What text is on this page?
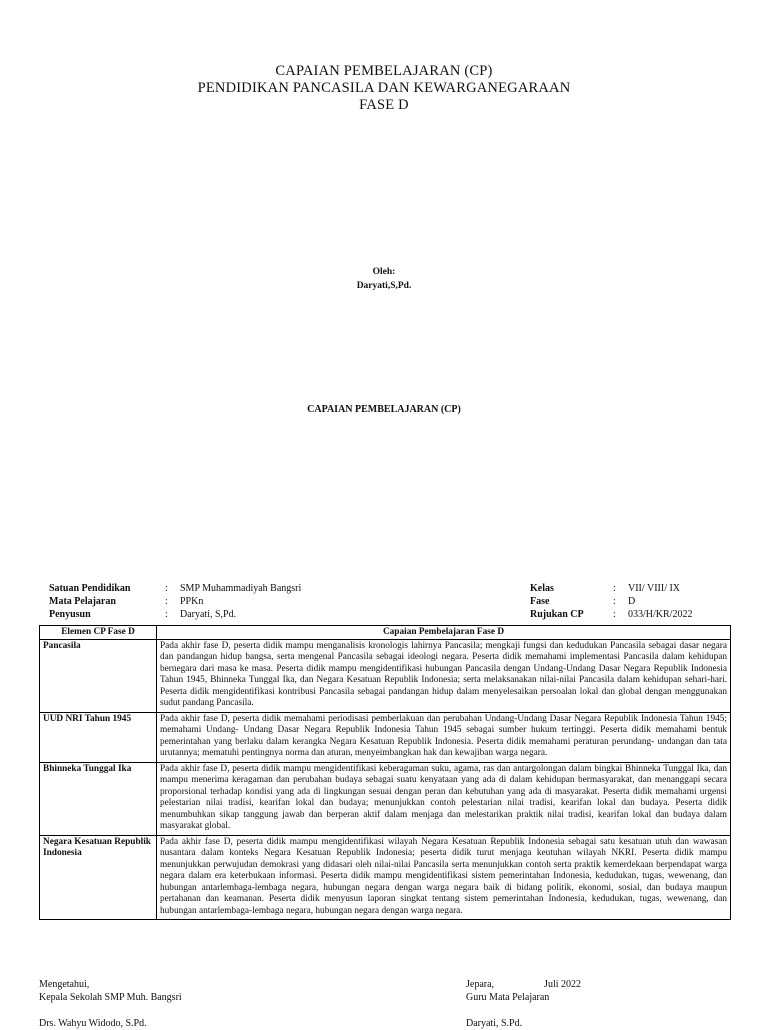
CAPAIAN PEMBELAJARAN (CP)
PENDIDIKAN PANCASILA DAN KEWARGANEGARAAN
FASE D
Oleh:
Daryati,S,Pd.
CAPAIAN PEMBELAJARAN (CP)
Satuan Pendidikan	:	SMP Muhammadiyah Bangsri
Mata Pelajaran	:	PPKn
Penyusun	:	Daryati, S,Pd.
Kelas	:	VII/ VIII/ IX
Fase	:	D
Rujukan CP	:	033/H/KR/2022
Elemen CP Fase D	Capaian Pembelajaran Fase D
Pancasila	Pada akhir fase D, peserta didik mampu menganalisis kronologis lahirnya Pancasila; mengkaji fungsi dan kedudukan Pancasila sebagai dasar negara dan pandangan hidup bangsa, serta mengenal Pancasila sebagai ideologi negara. Peserta didik memahami implementasi Pancasila dalam kehidupan bernegara dari masa ke masa. Peserta didik mampu mengidentifikasi hubungan Pancasila dengan Undang-Undang Dasar Negara Republik Indonesia Tahun 1945, Bhinneka Tunggal Ika, dan Negara Kesatuan Republik Indonesia; serta melaksanakan nilai-nilai Pancasila dalam kehidupan sehari-hari. Peserta didik mengidentifikasi kontribusi Pancasila sebagai pandangan hidup dalam menyelesaikan persoalan lokal dan global dengan menggunakan sudut pandang Pancasila.
UUD NRI Tahun 1945	Pada akhir fase D, peserta didik memahami periodisasi pemberlakuan dan perubahan Undang-Undang Dasar Negara Republik Indonesia Tahun 1945; memahami Undang- Undang Dasar Negara Republik Indonesia Tahun 1945 sebagai sumber hukum tertinggi. Peserta didik memahami bentuk pemerintahan yang berlaku dalam kerangka Negara Kesatuan Republik Indonesia. Peserta didik memahami peraturan perundang- undangan dan tata urutannya; mematuhi pentingnya norma dan aturan, menyeimbangkan hak dan kewajiban warga negara.
Bhinneka Tunggal Ika	Pada akhir fase D, peserta didik mampu mengidentifikasi keberagaman suku, agama, ras dan antargolongan dalam bingkai Bhinneka Tunggal Ika, dan mampu menerima keragaman dan perubahan budaya sebagai suatu kenyataan yang ada di dalam kehidupan bermasyarakat, dan menanggapi secara proporsional terhadap kondisi yang ada di lingkungan sesuai dengan peran dan kebutuhan yang ada di masyarakat. Peserta didik memahami urgensi pelestarian nilai tradisi, kearifan lokal dan budaya; menunjukkan contoh pelestarian nilai tradisi, kearifan lokal dan budaya. Peserta didik menumbuhkan sikap tanggung jawab dan berperan aktif dalam menjaga dan melestarikan praktik nilai tradisi, kearifan lokal dan budaya dalam masyarakat global.
Negara Kesatuan Republik Indonesia	Pada akhir fase D, peserta didik mampu mengidentifikasi wilayah Negara Kesatuan Republik Indonesia sebagai satu kesatuan utuh dan wawasan nusantara dalam konteks Negara Kesatuan Republik Indonesia; peserta didik turut menjaga keutuhan wilayah NKRI. Peserta didik mampu menunjukkan perwujudan demokrasi yang didasari oleh nilai-nilai Pancasila serta menunjukkan contoh serta praktik kemerdekaan berpendapat warga negara dalam era keterbukaan informasi. Peserta didik mampu mengidentifikasi sistem pemerintahan Indonesia, kedudukan, tugas, wewenang, dan hubungan antarlembaga-lembaga negara, hubungan negara dengan warga negara baik di bidang politik, ekonomi, sosial, dan budaya maupun pertahanan dan keamanan. Peserta didik menyusun laporan singkat tentang sistem pemerintahan Indonesia, kedudukan, tugas, wewenang, dan hubungan antarlembaga-lembaga negara, hubungan negara dengan warga negara.
Mengetahui,
Kepala Sekolah SMP Muh. Bangsri
Drs. Wahyu Widodo, S.Pd.
Jepara,	Juli 2022
Guru Mata Pelajaran
Daryati, S.Pd.
